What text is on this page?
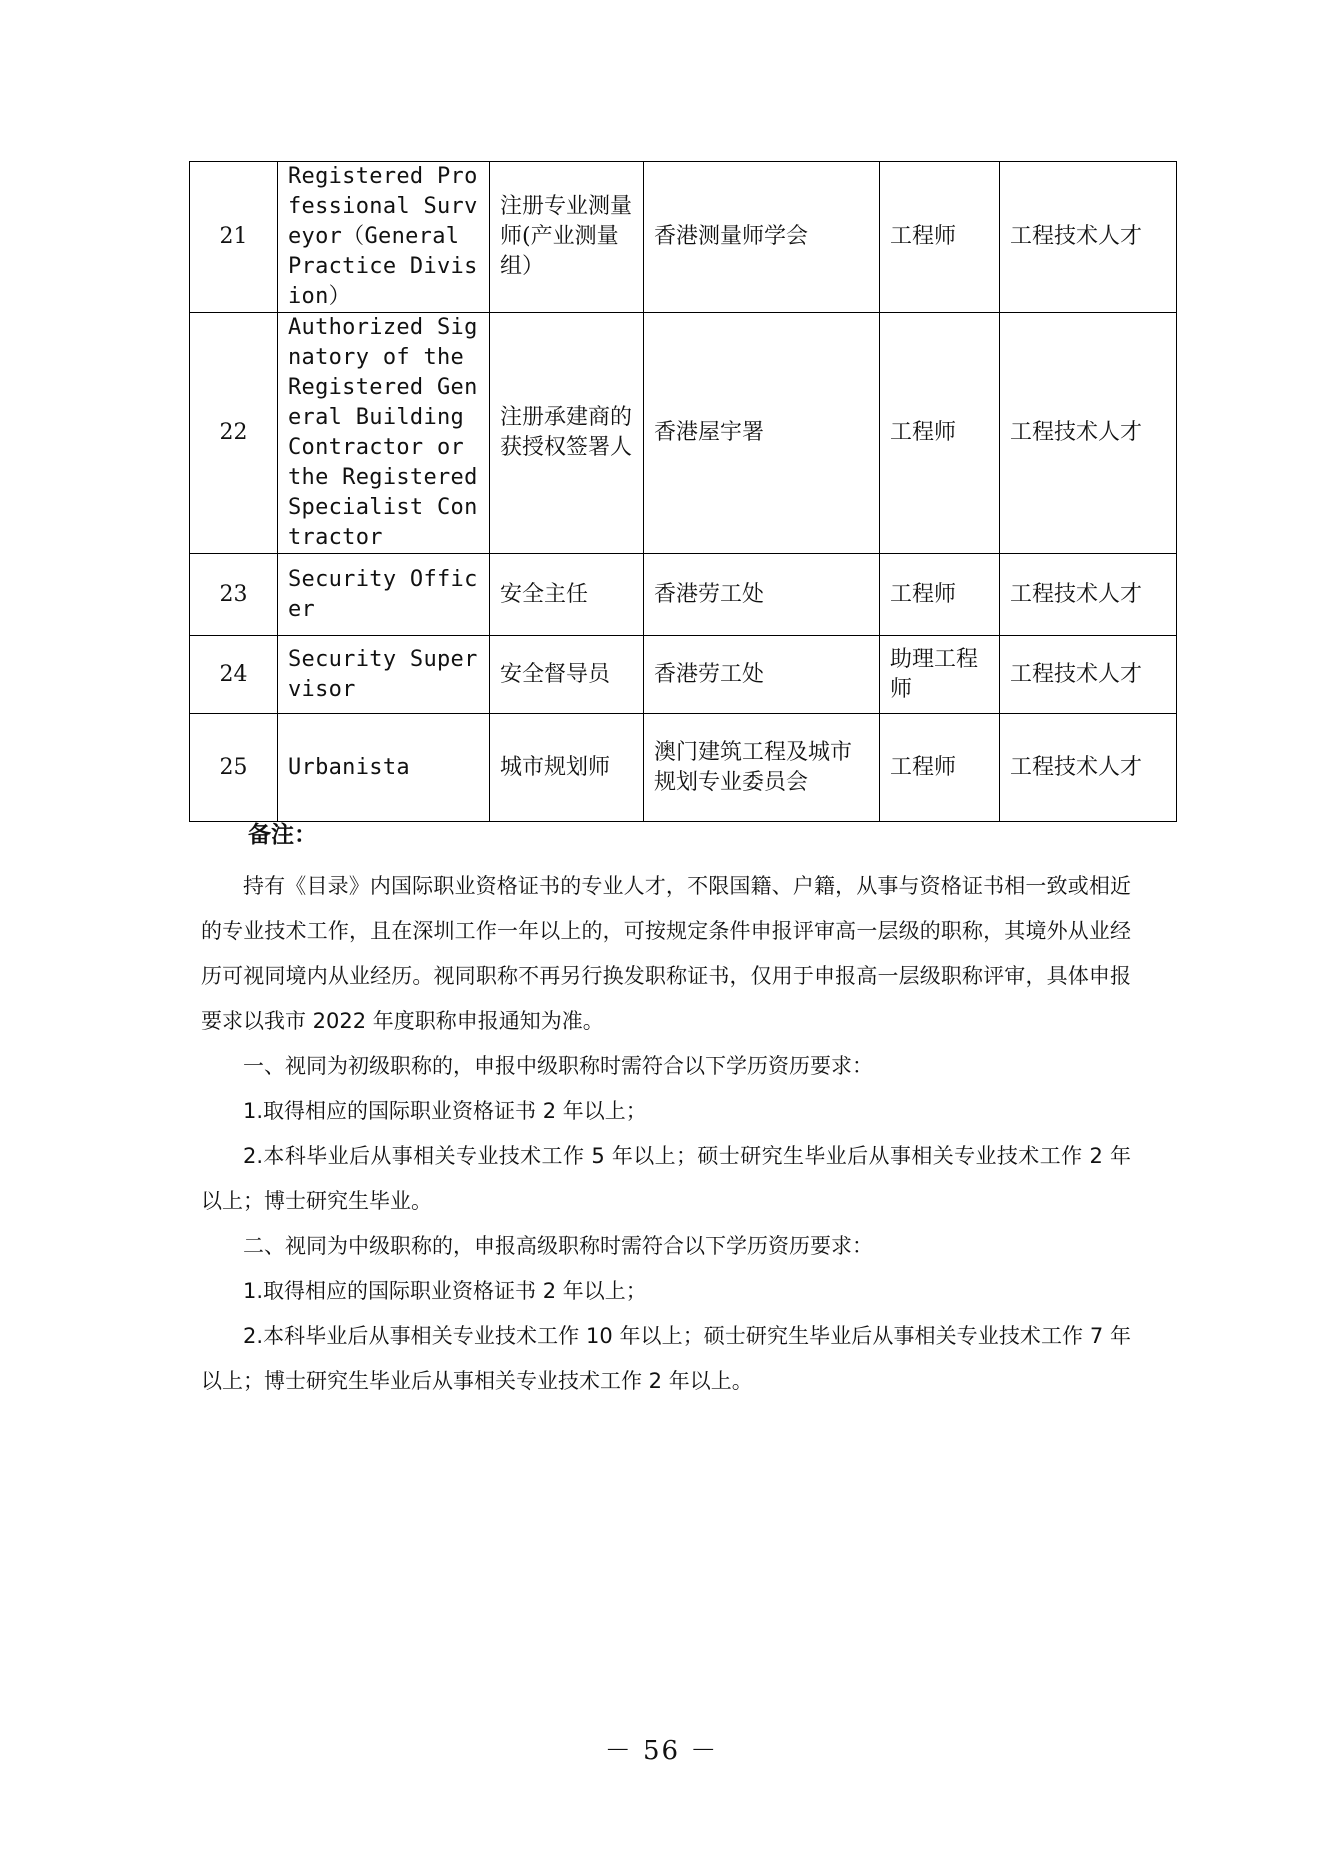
21	Registered Professional Surveyor（General Practice Division）	注册专业测量师(产业测量组）	香港测量师学会	工程师	工程技术人才
22	Authorized Signatory of the Registered General Building Contractor or the Registered Specialist Contractor	注册承建商的获授权签署人	香港屋宇署	工程师	工程技术人才
23	Security Officer	安全主任	香港劳工处	工程师	工程技术人才
24	Security Supervisor	安全督导员	香港劳工处	助理工程师	工程技术人才
25	Urbanista	城市规划师	澳门建筑工程及城市规划专业委员会	工程师	工程技术人才
备注：

持有《目录》内国际职业资格证书的专业人才，不限国籍、户籍，从事与资格证书相一致或相近的专业技术工作，且在深圳工作一年以上的，可按规定条件申报评审高一层级的职称，其境外从业经历可视同境内从业经历。视同职称不再另行换发职称证书，仅用于申报高一层级职称评审，具体申报要求以我市 2022 年度职称申报通知为准。

一、视同为初级职称的，申报中级职称时需符合以下学历资历要求：

1.取得相应的国际职业资格证书 2 年以上；

2.本科毕业后从事相关专业技术工作 5 年以上；硕士研究生毕业后从事相关专业技术工作 2 年以上；博士研究生毕业。

二、视同为中级职称的，申报高级职称时需符合以下学历资历要求：

1.取得相应的国际职业资格证书 2 年以上；

2.本科毕业后从事相关专业技术工作 10 年以上；硕士研究生毕业后从事相关专业技术工作 7 年以上；博士研究生毕业后从事相关专业技术工作 2 年以上。

－ 56 －
